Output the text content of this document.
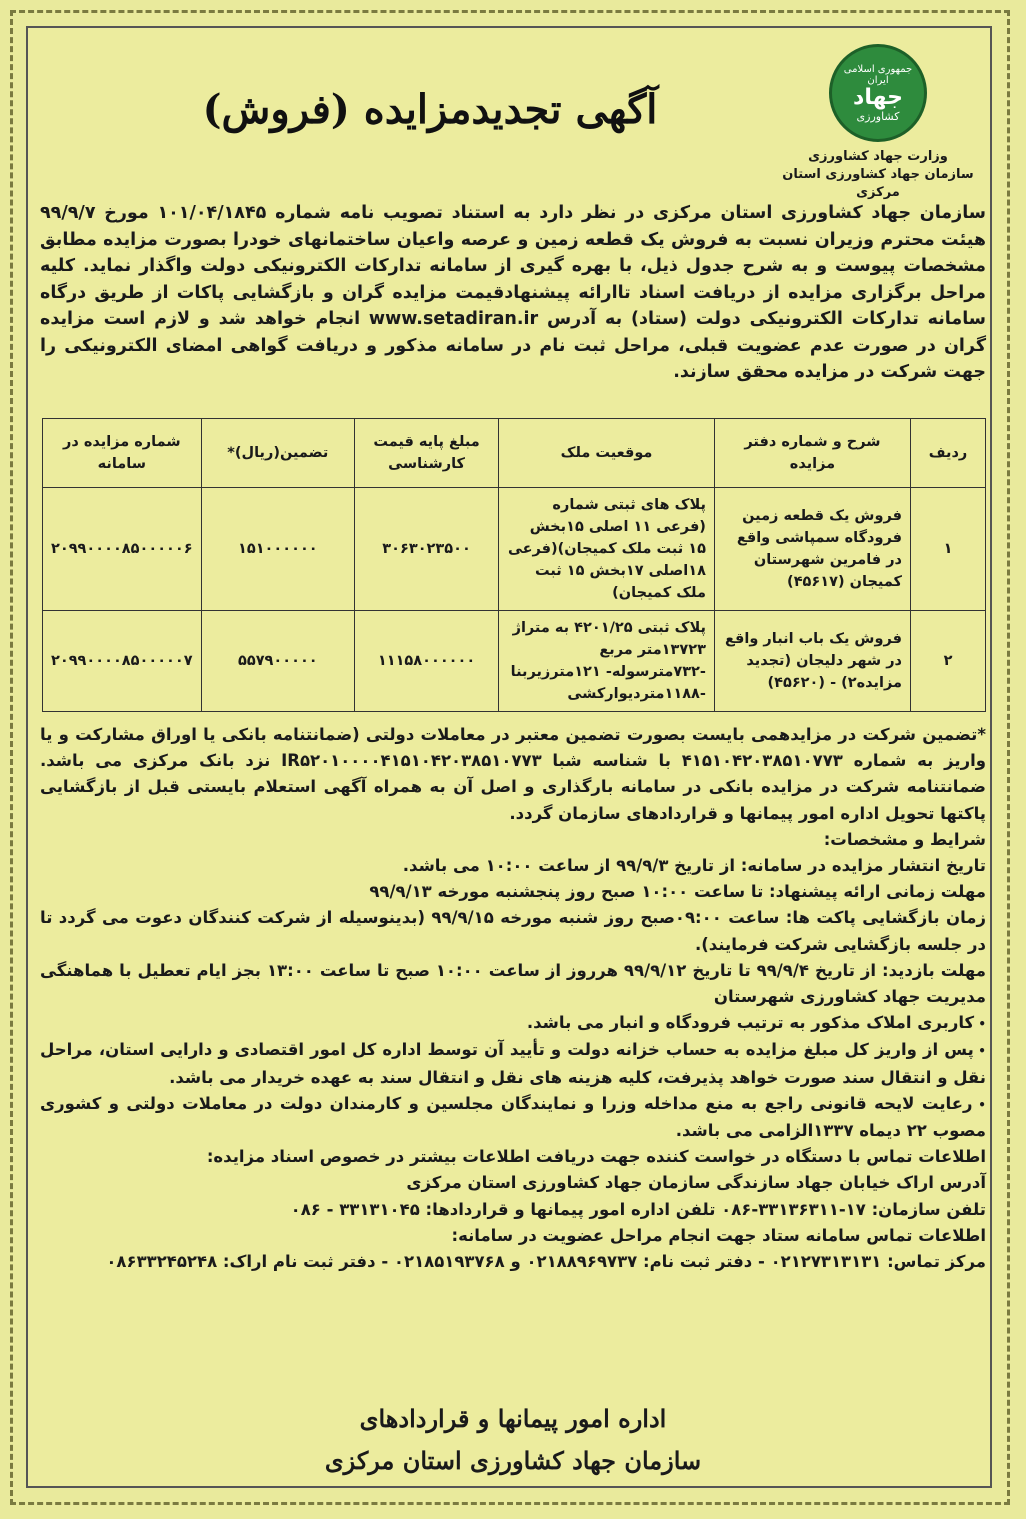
جمهوری اسلامی ایران
جهاد
کشاورزی
وزارت جهاد کشاورزی
سازمان جهاد کشاورزی استان مرکزی
آگهی تجدیدمزایده (فروش)
سازمان جهاد کشاورزی استان مرکزی در نظر دارد به استناد تصویب نامه شماره ۱۰۱/۰۴/۱۸۴۵ مورخ ۹۹/۹/۷ هیئت محترم وزیران نسبت به فروش یک قطعه زمین و عرصه واعیان ساختمانهای خودرا بصورت مزایده مطابق مشخصات پیوست و به شرح جدول ذیل، با بهره گیری از سامانه تدارکات الکترونیکی دولت واگذار نماید. کلیه مراحل برگزاری مزایده از دریافت اسناد تاارائه پیشنهادقیمت مزایده گران و بازگشایی پاکات از طریق درگاه سامانه تدارکات الکترونیکی دولت (ستاد) به آدرس www.setadiran.ir انجام خواهد شد و لازم است مزایده گران در صورت عدم عضویت قبلی، مراحل ثبت نام در سامانه مذکور و دریافت گواهی امضای الکترونیکی را جهت شرکت در مزایده محقق سازند.
ردیف	شرح و شماره دفتر مزایده	موقعیت ملک	مبلغ پایه قیمت کارشناسی	تضمین(ریال)*	شماره مزایده در سامانه
۱	فروش یک قطعه زمین فرودگاه سمپاشی واقع در فامرین شهرستان کمیجان (۴۵۶۱۷)	پلاک های ثبتی شماره (فرعی ۱۱ اصلی ۱۵بخش ۱۵ ثبت ملک کمیجان)(فرعی ۱۸اصلی ۱۷بخش ۱۵ ثبت ملک کمیجان)	۳۰۶۳۰۲۳۵۰۰	۱۵۱۰۰۰۰۰۰	۲۰۹۹۰۰۰۰۸۵۰۰۰۰۰۶
۲	فروش یک باب انبار واقع در شهر دلیجان (تجدید مزایده۲) - (۴۵۶۲۰)	پلاک ثبتی ۴۲۰۱/۲۵ به متراژ ۱۳۷۲۳متر مربع -۷۳۲مترسوله- ۱۲۱مترزیربنا -۱۱۸۸متردیوارکشی	۱۱۱۵۸۰۰۰۰۰۰	۵۵۷۹۰۰۰۰۰	۲۰۹۹۰۰۰۰۸۵۰۰۰۰۰۷

*تضمین شرکت در مزایدهمی بایست بصورت تضمین معتبر در معاملات دولتی (ضمانتنامه بانکی یا اوراق مشارکت و یا واریز به شماره ۴۱۵۱۰۴۲۰۳۸۵۱۰۷۷۳ با شناسه شبا IR۵۲۰۱۰۰۰۰۴۱۵۱۰۴۲۰۳۸۵۱۰۷۷۳ نزد بانک مرکزی می باشد. ضمانتنامه شرکت در مزایده بانکی در سامانه بارگذاری و اصل آن به همراه آگهی استعلام بایستی قبل از بازگشایی پاکتها تحویل اداره امور پیمانها و قراردادهای سازمان گردد.

شرایط و مشخصات:

تاریخ انتشار مزایده در سامانه: از تاریخ ۹۹/۹/۳ از ساعت ۱۰:۰۰ می باشد.

مهلت زمانی ارائه پیشنهاد: تا ساعت ۱۰:۰۰ صبح روز پنجشنبه مورخه ۹۹/۹/۱۳

زمان بازگشایی پاکت ها: ساعت ۰۹:۰۰صبح روز شنبه مورخه ۹۹/۹/۱۵ (بدینوسیله از شرکت کنندگان دعوت می گردد تا در جلسه بازگشایی شرکت فرمایند).

مهلت بازدید: از تاریخ ۹۹/۹/۴ تا تاریخ ۹۹/۹/۱۲ هرروز از ساعت ۱۰:۰۰ صبح تا ساعت ۱۳:۰۰ بجز ایام تعطیل با هماهنگی مدیریت جهاد کشاورزی شهرستان

• کاربری املاک مذکور به ترتیب فرودگاه و انبار می باشد.

• پس از واریز کل مبلغ مزایده به حساب خزانه دولت و تأیید آن توسط اداره کل امور اقتصادی و دارایی استان، مراحل نقل و انتقال سند صورت خواهد پذیرفت، کلیه هزینه های نقل و انتقال سند به عهده خریدار می باشد.

• رعایت لایحه قانونی راجع به منع مداخله وزرا و نمایندگان مجلسین و کارمندان دولت در معاملات دولتی و کشوری مصوب ۲۲ دیماه ۱۳۳۷الزامی می باشد.

اطلاعات تماس با دستگاه در خواست کننده جهت دریافت اطلاعات بیشتر در خصوص اسناد مزایده:

آدرس اراک خیابان جهاد سازندگی سازمان جهاد کشاورزی استان مرکزی

تلفن سازمان: ۱۷-۳۳۱۳۶۳۱۱-۰۸۶ تلفن اداره امور پیمانها و قراردادها: ۳۳۱۳۱۰۴۵ - ۰۸۶

اطلاعات تماس سامانه ستاد جهت انجام مراحل عضویت در سامانه:

مرکز تماس: ۰۲۱۲۷۳۱۳۱۳۱ - دفتر ثبت نام: ۰۲۱۸۸۹۶۹۷۳۷ و ۰۲۱۸۵۱۹۳۷۶۸ - دفتر ثبت نام اراک: ۰۸۶۳۳۲۴۵۲۴۸

اداره امور پیمانها و قراردادهای
سازمان جهاد کشاورزی استان مرکزی
